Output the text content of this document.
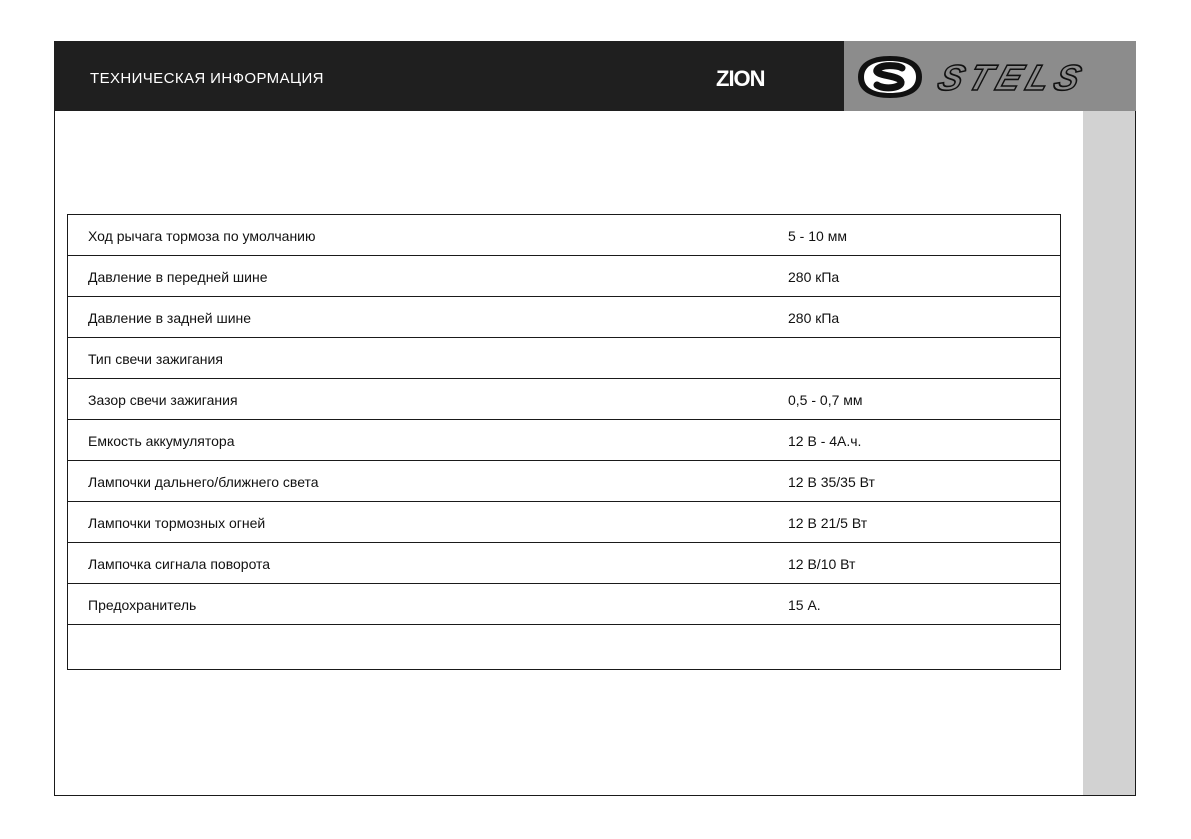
ТЕХНИЧЕСКАЯ ИНФОРМАЦИЯ	ZION	STELS
Ход рычага тормоза по умолчанию	5 - 10 мм
Давление в передней шине	280 кПа
Давление в задней шине	280 кПа
Тип свечи зажигания
Зазор свечи зажигания	0,5 - 0,7 мм
Емкость аккумулятора	12 В - 4А.ч.
Лампочки дальнего/ближнего света	12 В 35/35 Вт
Лампочки тормозных огней	12 В 21/5 Вт
Лампочка сигнала поворота	12 В/10 Вт
Предохранитель	15 А.
